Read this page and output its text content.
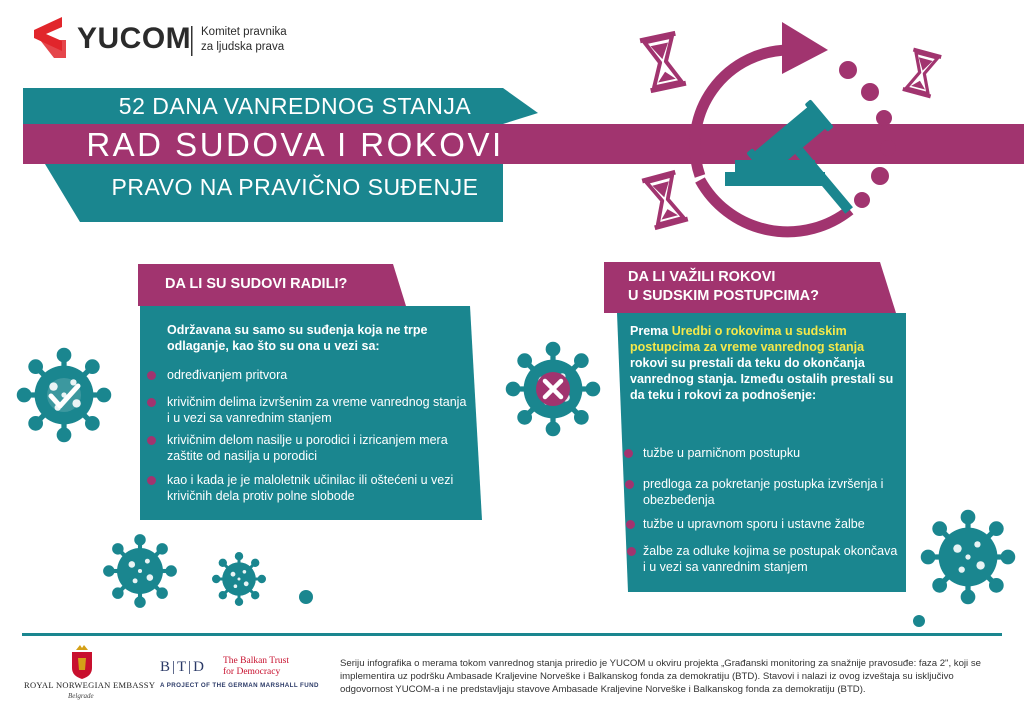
YUCOM Komitet pravnika
za ljudska prava
52 DANA VANREDNOG STANJA
RAD SUDOVA I ROKOVI
PRAVO NA PRAVIČNO SUĐENJE
DA LI SU SUDOVI RADILI?
Održavana su samo su suđenja koja ne trpe odlaganje, kao što su ona u vezi sa:
određivanjem pritvora
krivičnim delima izvršenim za vreme vanrednog stanja i u vezi sa vanrednim stanjem
krivičnim delom nasilje u porodici i izricanjem mera zaštite od nasilja u porodici
kao i kada je je maloletnik učinilac ili oštećeni u vezi krivičnih dela protiv polne slobode
DA LI VAŽILI ROKOVI
U SUDSKIM POSTUPCIMA?
Prema Uredbi o rokovima u sudskim postupcima za vreme vanrednog stanja rokovi su prestali da teku do okončanja vanrednog stanja. Između ostalih prestali su da teku i rokovi za podnošenje:
tužbe u parničnom postupku
predloga za pokretanje postupka izvršenja i obezbeđenja
tužbe u upravnom sporu i ustavne žalbe
žalbe za odluke kojima se postupak okončava i u vezi sa vanrednim stanjem
ROYAL NORWEGIAN EMBASSY
Belgrade
B|T|D The Balkan Trust
for Democracy
A PROJECT OF THE GERMAN MARSHALL FUND
Seriju infografika o merama tokom vanrednog stanja priredio je YUCOM u okviru projekta „Građanski monitoring za snažnije pravosuđe: faza 2", koji se implementira uz podršku Ambasade Kraljevine Norveške i Balkanskog fonda za demokratiju (BTD). Stavovi i nalazi iz ovog izveštaja su isključivo odgovornost YUCOM-a i ne predstavljaju stavove Ambasade Kraljevine Norveške i Balkanskog fonda za demokratiju (BTD).
